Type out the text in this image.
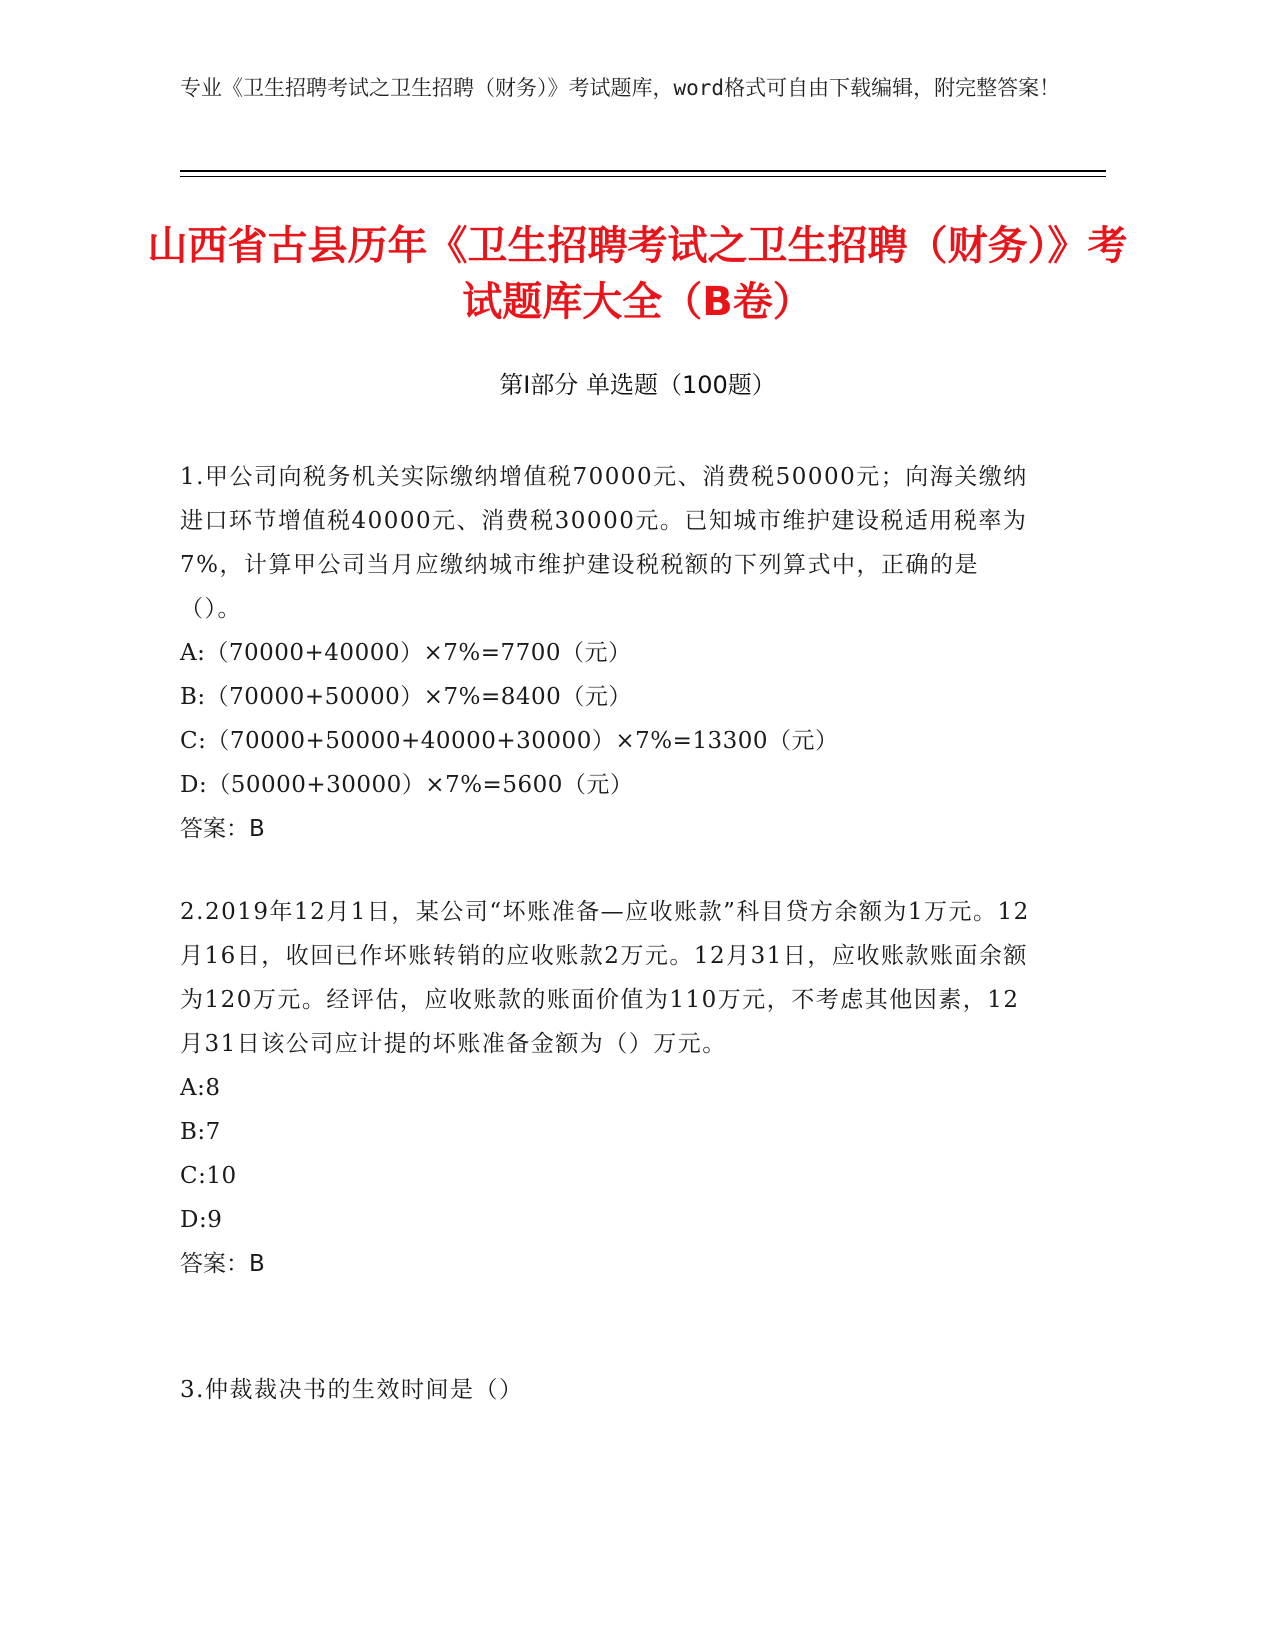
专业《卫生招聘考试之卫生招聘（财务）》考试题库，word格式可自由下载编辑，附完整答案！
山西省古县历年《卫生招聘考试之卫生招聘（财务）》考试题库大全（B卷）
第I部分 单选题（100题）

1.甲公司向税务机关实际缴纳增值税70000元、消费税50000元；向海关缴纳进口环节增值税40000元、消费税30000元。已知城市维护建设税适用税率为7%，计算甲公司当月应缴纳城市维护建设税税额的下列算式中，正确的是（）。

A:（70000+40000）×7%=7700（元）

B:（70000+50000）×7%=8400（元）

C:（70000+50000+40000+30000）×7%=13300（元）

D:（50000+30000）×7%=5600（元）

答案：B

2.2019年12月1日，某公司“坏账准备—应收账款”科目贷方余额为1万元。12月16日，收回已作坏账转销的应收账款2万元。12月31日，应收账款账面余额为120万元。经评估，应收账款的账面价值为110万元，不考虑其他因素，12月31日该公司应计提的坏账准备金额为（）万元。

A:8

B:7

C:10

D:9

答案：B

3.仲裁裁决书的生效时间是（）
